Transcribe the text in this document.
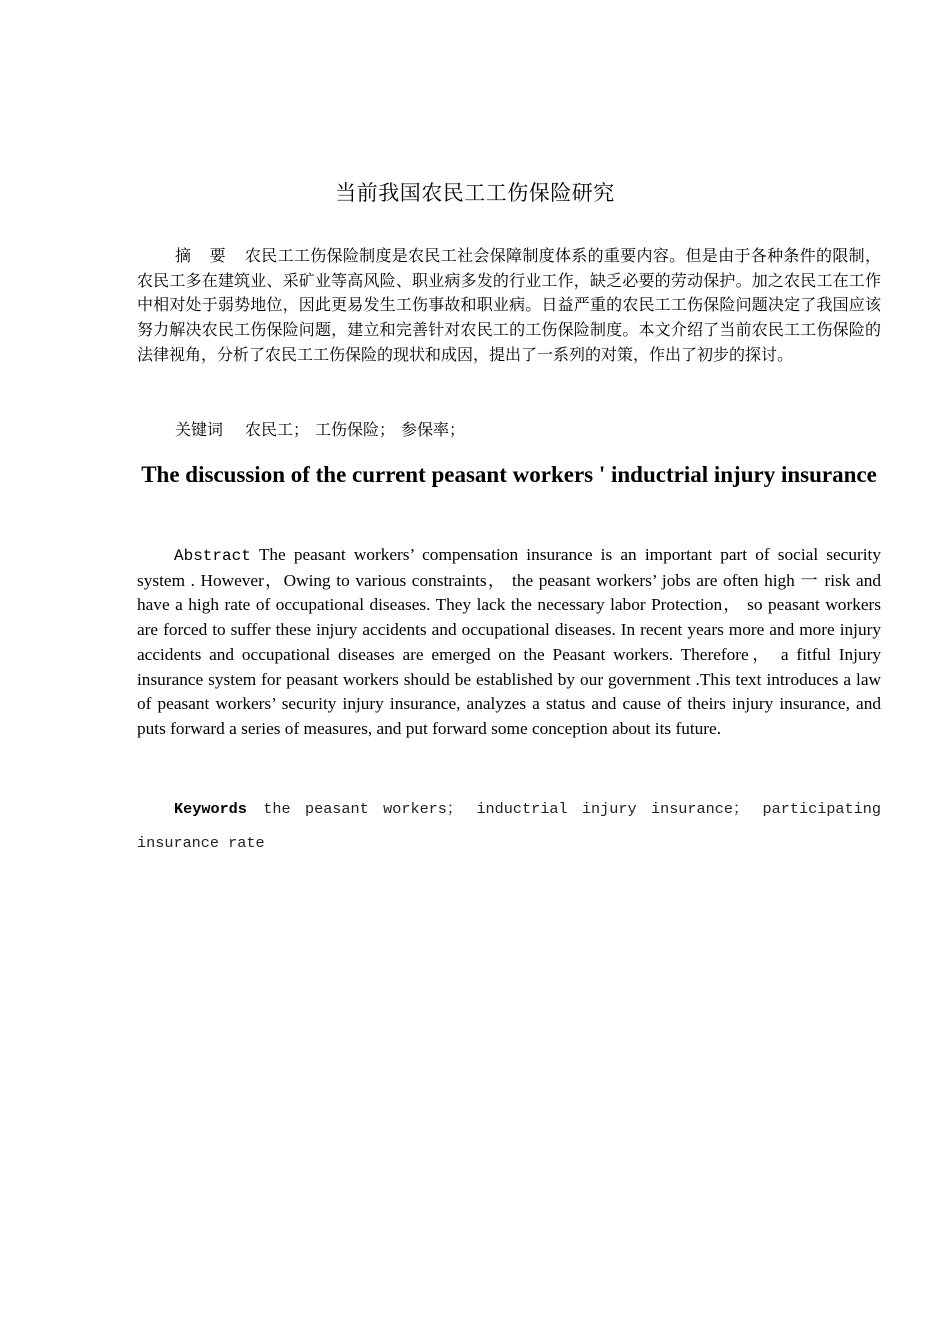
当前我国农民工工伤保险研究

摘　要 农民工工伤保险制度是农民工社会保障制度体系的重要内容。但是由于各种条件的限制，农民工多在建筑业、采矿业等高风险、职业病多发的行业工作，缺乏必要的劳动保护。加之农民工在工作中相对处于弱势地位，因此更易发生工伤事故和职业病。日益严重的农民工工伤保险问题决定了我国应该努力解决农民工伤保险问题，建立和完善针对农民工的工伤保险制度。本文介绍了当前农民工工伤保险的法律视角，分析了农民工工伤保险的现状和成因，提出了一系列的对策，作出了初步的探讨。

关键词 农民工； 工伤保险； 参保率；
The discussion of the current peasant workers ' inductrial injury insurance

Abstract The peasant workers’ compensation insurance is an important part of social security system . However，Owing to various constraints， the peasant workers’ jobs are often high 一 risk and have a high rate of occupational diseases. They lack the necessary labor Protection， so peasant workers are forced to suffer these injury accidents and occupational diseases. In recent years more and more injury accidents and occupational diseases are emerged on the Peasant workers. Therefore， a fitful Injury insurance system for peasant workers should be established by our government .This text introduces a law of peasant workers’ security injury insurance, analyzes a status and cause of theirs injury insurance, and puts forward a series of measures, and put forward some conception about its future.

Keywords the peasant workers； inductrial injury insurance； participating insurance rate
